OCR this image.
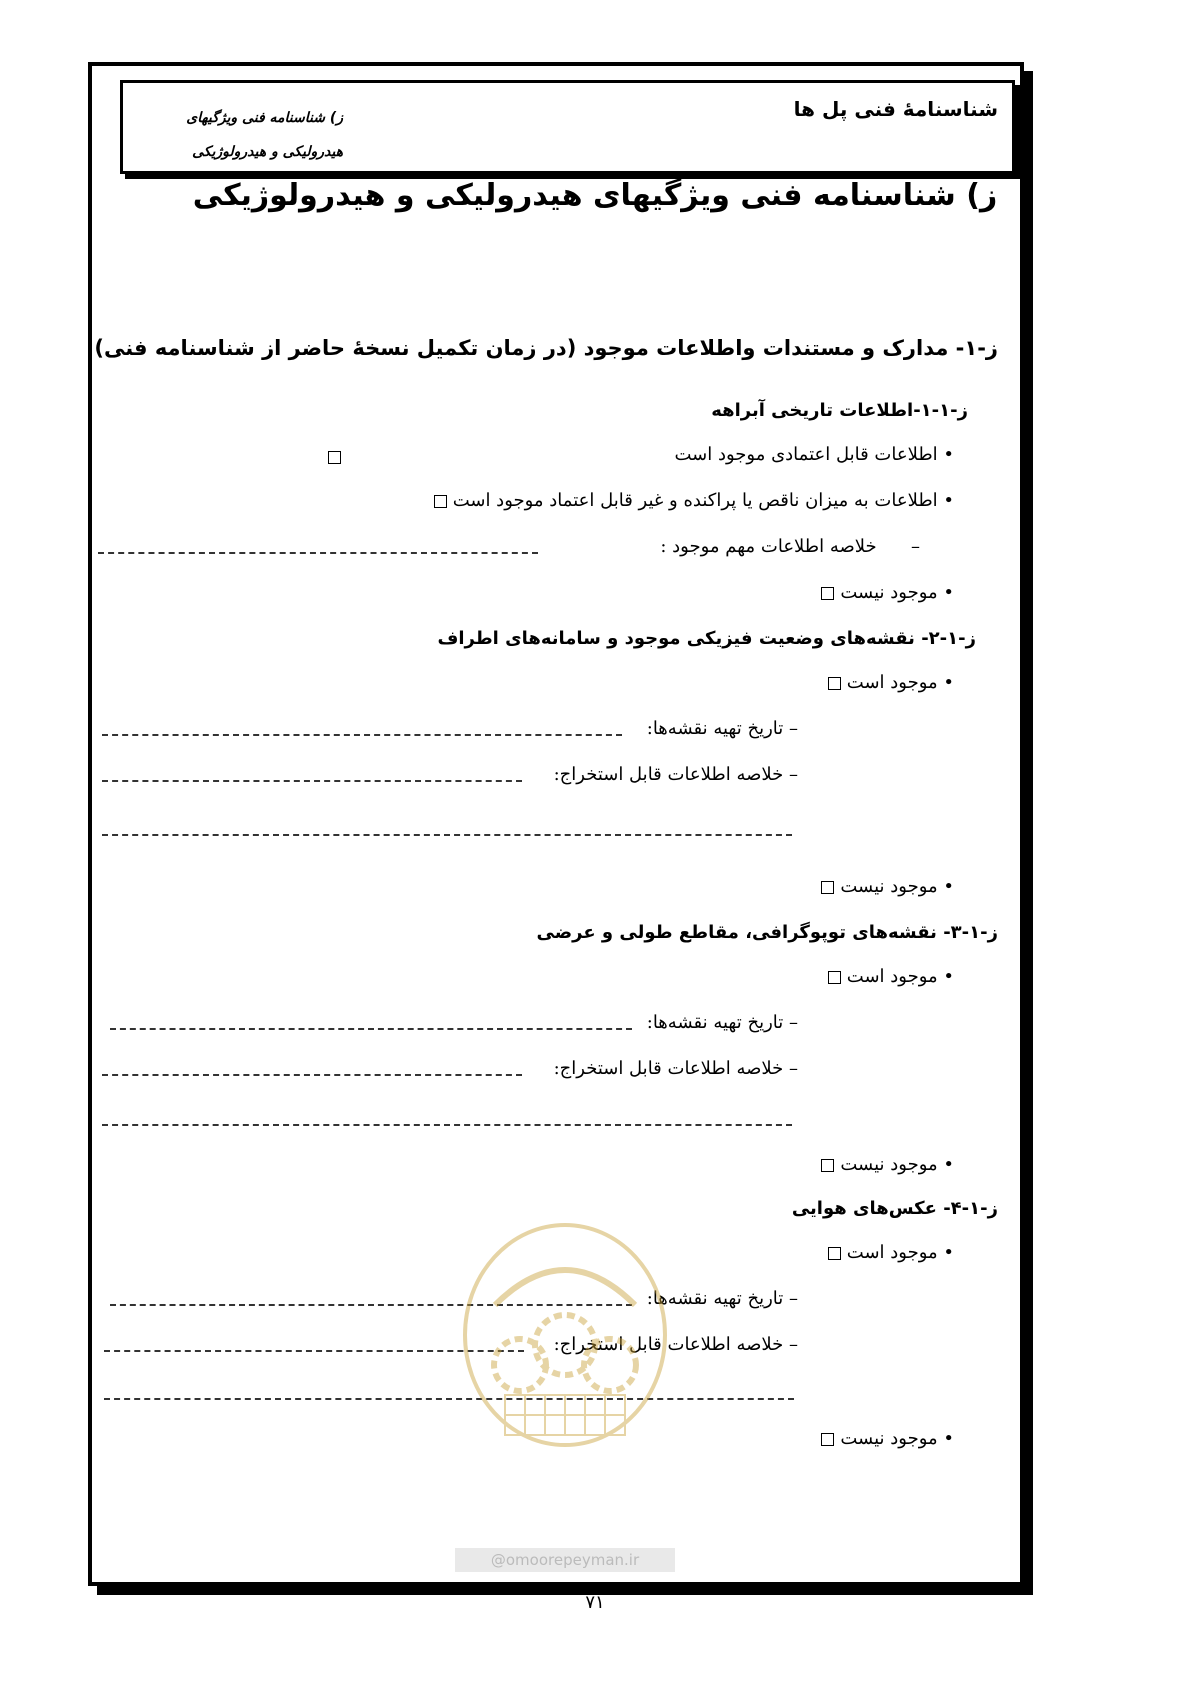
شناسنامۀ فنی پل ها
ز) شناسنامه فنی ویژگیهای
هیدرولیکی و هیدرولوژیکی
ز) شناسنامه فنی ویژگیهای هیدرولیکی و هیدرولوژیکی
ز-۱- مدارک و مستندات واطلاعات موجود (در زمان تکمیل نسخۀ حاضر از شناسنامه فنی)
ز-۱-۱-اطلاعات تاریخی آبراهه
• اطلاعات قابل اعتمادی موجود است
• اطلاعات به میزان ناقص یا پراکنده و غیر قابل اعتماد موجود است
–      خلاصه اطلاعات مهم موجود :
• موجود نیست
ز-۱-۲- نقشه‌های وضعیت فیزیکی موجود و سامانه‌های اطراف
• موجود است
– تاریخ تهیه نقشه‌ها:
– خلاصه اطلاعات قابل استخراج:
• موجود نیست
ز-۱-۳- نقشه‌های توپوگرافی، مقاطع طولی و عرضی
• موجود است
– تاریخ تهیه نقشه‌ها:
– خلاصه اطلاعات قابل استخراج:
• موجود نیست
ز-۱-۴- عکس‌های هوایی
• موجود است
– تاریخ تهیه نقشه‌ها:
– خلاصه اطلاعات قابل استخراج:
• موجود نیست
@omoorepeyman.ir
۷۱
